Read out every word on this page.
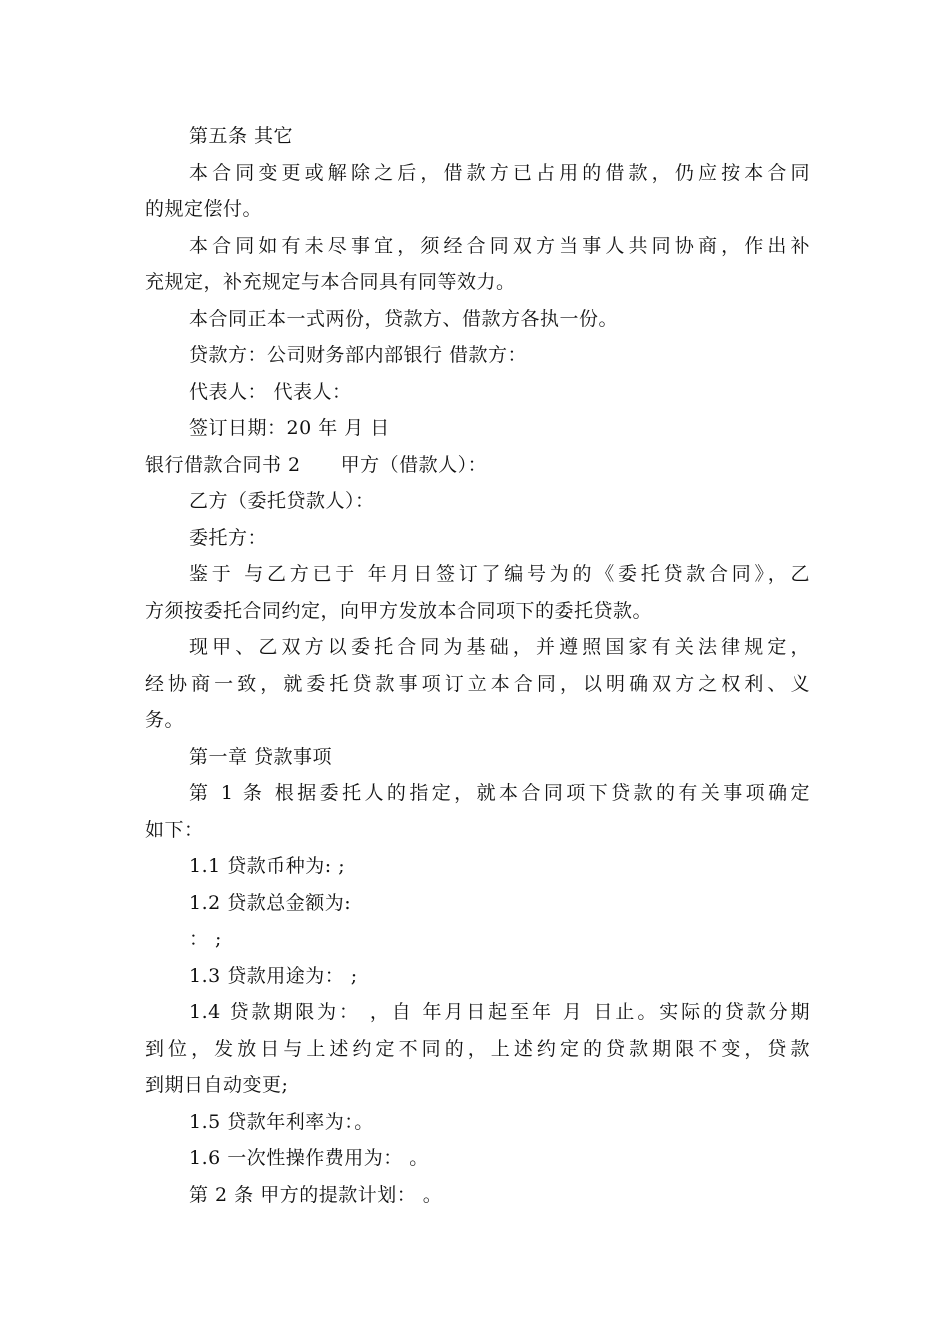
第五条 其它
本合同变更或解除之后，借款方已占用的借款，仍应按本合同
的规定偿付。
本合同如有未尽事宜，须经合同双方当事人共同协商，作出补
充规定，补充规定与本合同具有同等效力。
本合同正本一式两份，贷款方、借款方各执一份。
贷款方：公司财务部内部银行 借款方：
代表人： 代表人：
签订日期：20 年 月 日
银行借款合同书 2 甲方（借款人）：
乙方（委托贷款人）：
委托方：
鉴于 与乙方已于 年月日签订了编号为的《委托贷款合同》，乙
方须按委托合同约定，向甲方发放本合同项下的委托贷款。
现甲、乙双方以委托合同为基础，并遵照国家有关法律规定，
经协商一致，就委托贷款事项订立本合同，以明确双方之权利、义
务。
第一章 贷款事项
第 1 条 根据委托人的指定，就本合同项下贷款的有关事项确定
如下：
1.1 贷款币种为: ;
1.2 贷款总金额为:
： ;
1.3 贷款用途为： ;
1.4 贷款期限为： ，自 年月日起至年 月 日止。实际的贷款分期
到位，发放日与上述约定不同的，上述约定的贷款期限不变，贷款
到期日自动变更;
1.5 贷款年利率为：。
1.6 一次性操作费用为： 。
第 2 条 甲方的提款计划： 。
